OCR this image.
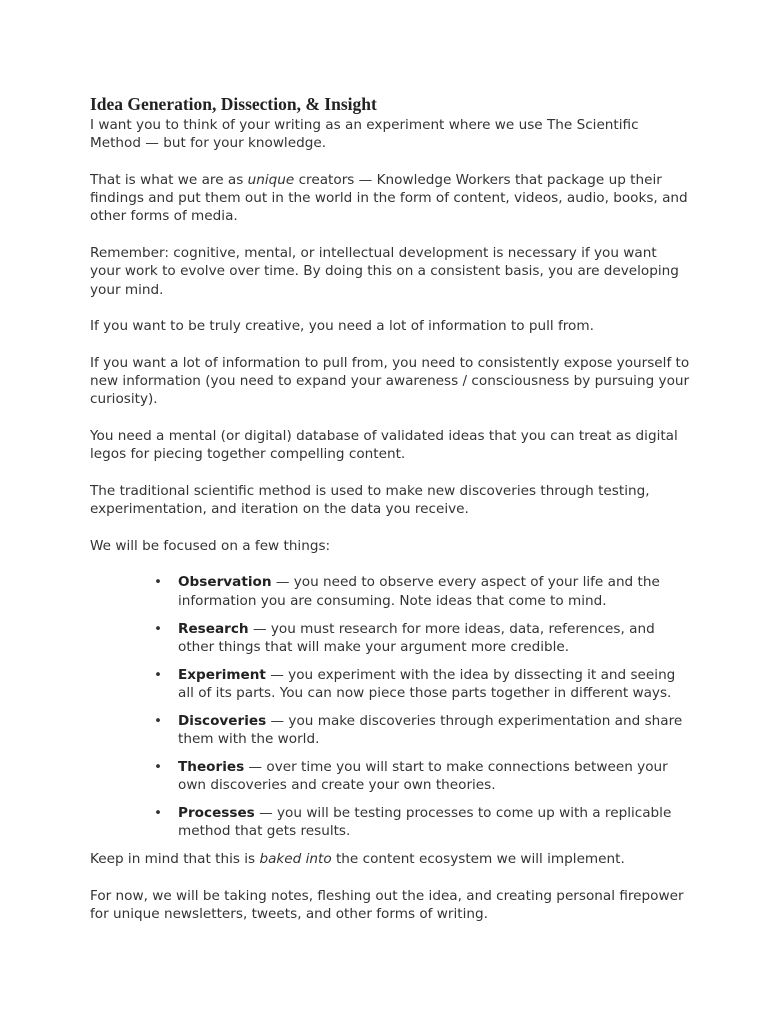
Idea Generation, Dissection, & Insight

I want you to think of your writing as an experiment where we use The Scientific Method — but for your knowledge.

That is what we are as unique creators — Knowledge Workers that package up their findings and put them out in the world in the form of content, videos, audio, books, and other forms of media.

Remember: cognitive, mental, or intellectual development is necessary if you want your work to evolve over time. By doing this on a consistent basis, you are developing your mind.

If you want to be truly creative, you need a lot of information to pull from.

If you want a lot of information to pull from, you need to consistently expose yourself to new information (you need to expand your awareness / consciousness by pursuing your curiosity).

You need a mental (or digital) database of validated ideas that you can treat as digital legos for piecing together compelling content.

The traditional scientific method is used to make new discoveries through testing, experimentation, and iteration on the data you receive.

We will be focused on a few things:

• Observation — you need to observe every aspect of your life and the information you are consuming. Note ideas that come to mind.
• Research — you must research for more ideas, data, references, and other things that will make your argument more credible.
• Experiment — you experiment with the idea by dissecting it and seeing all of its parts. You can now piece those parts together in different ways.
• Discoveries — you make discoveries through experimentation and share them with the world.
• Theories — over time you will start to make connections between your own discoveries and create your own theories.
• Processes — you will be testing processes to come up with a replicable method that gets results.

Keep in mind that this is baked into the content ecosystem we will implement.

For now, we will be taking notes, fleshing out the idea, and creating personal firepower for unique newsletters, tweets, and other forms of writing.
